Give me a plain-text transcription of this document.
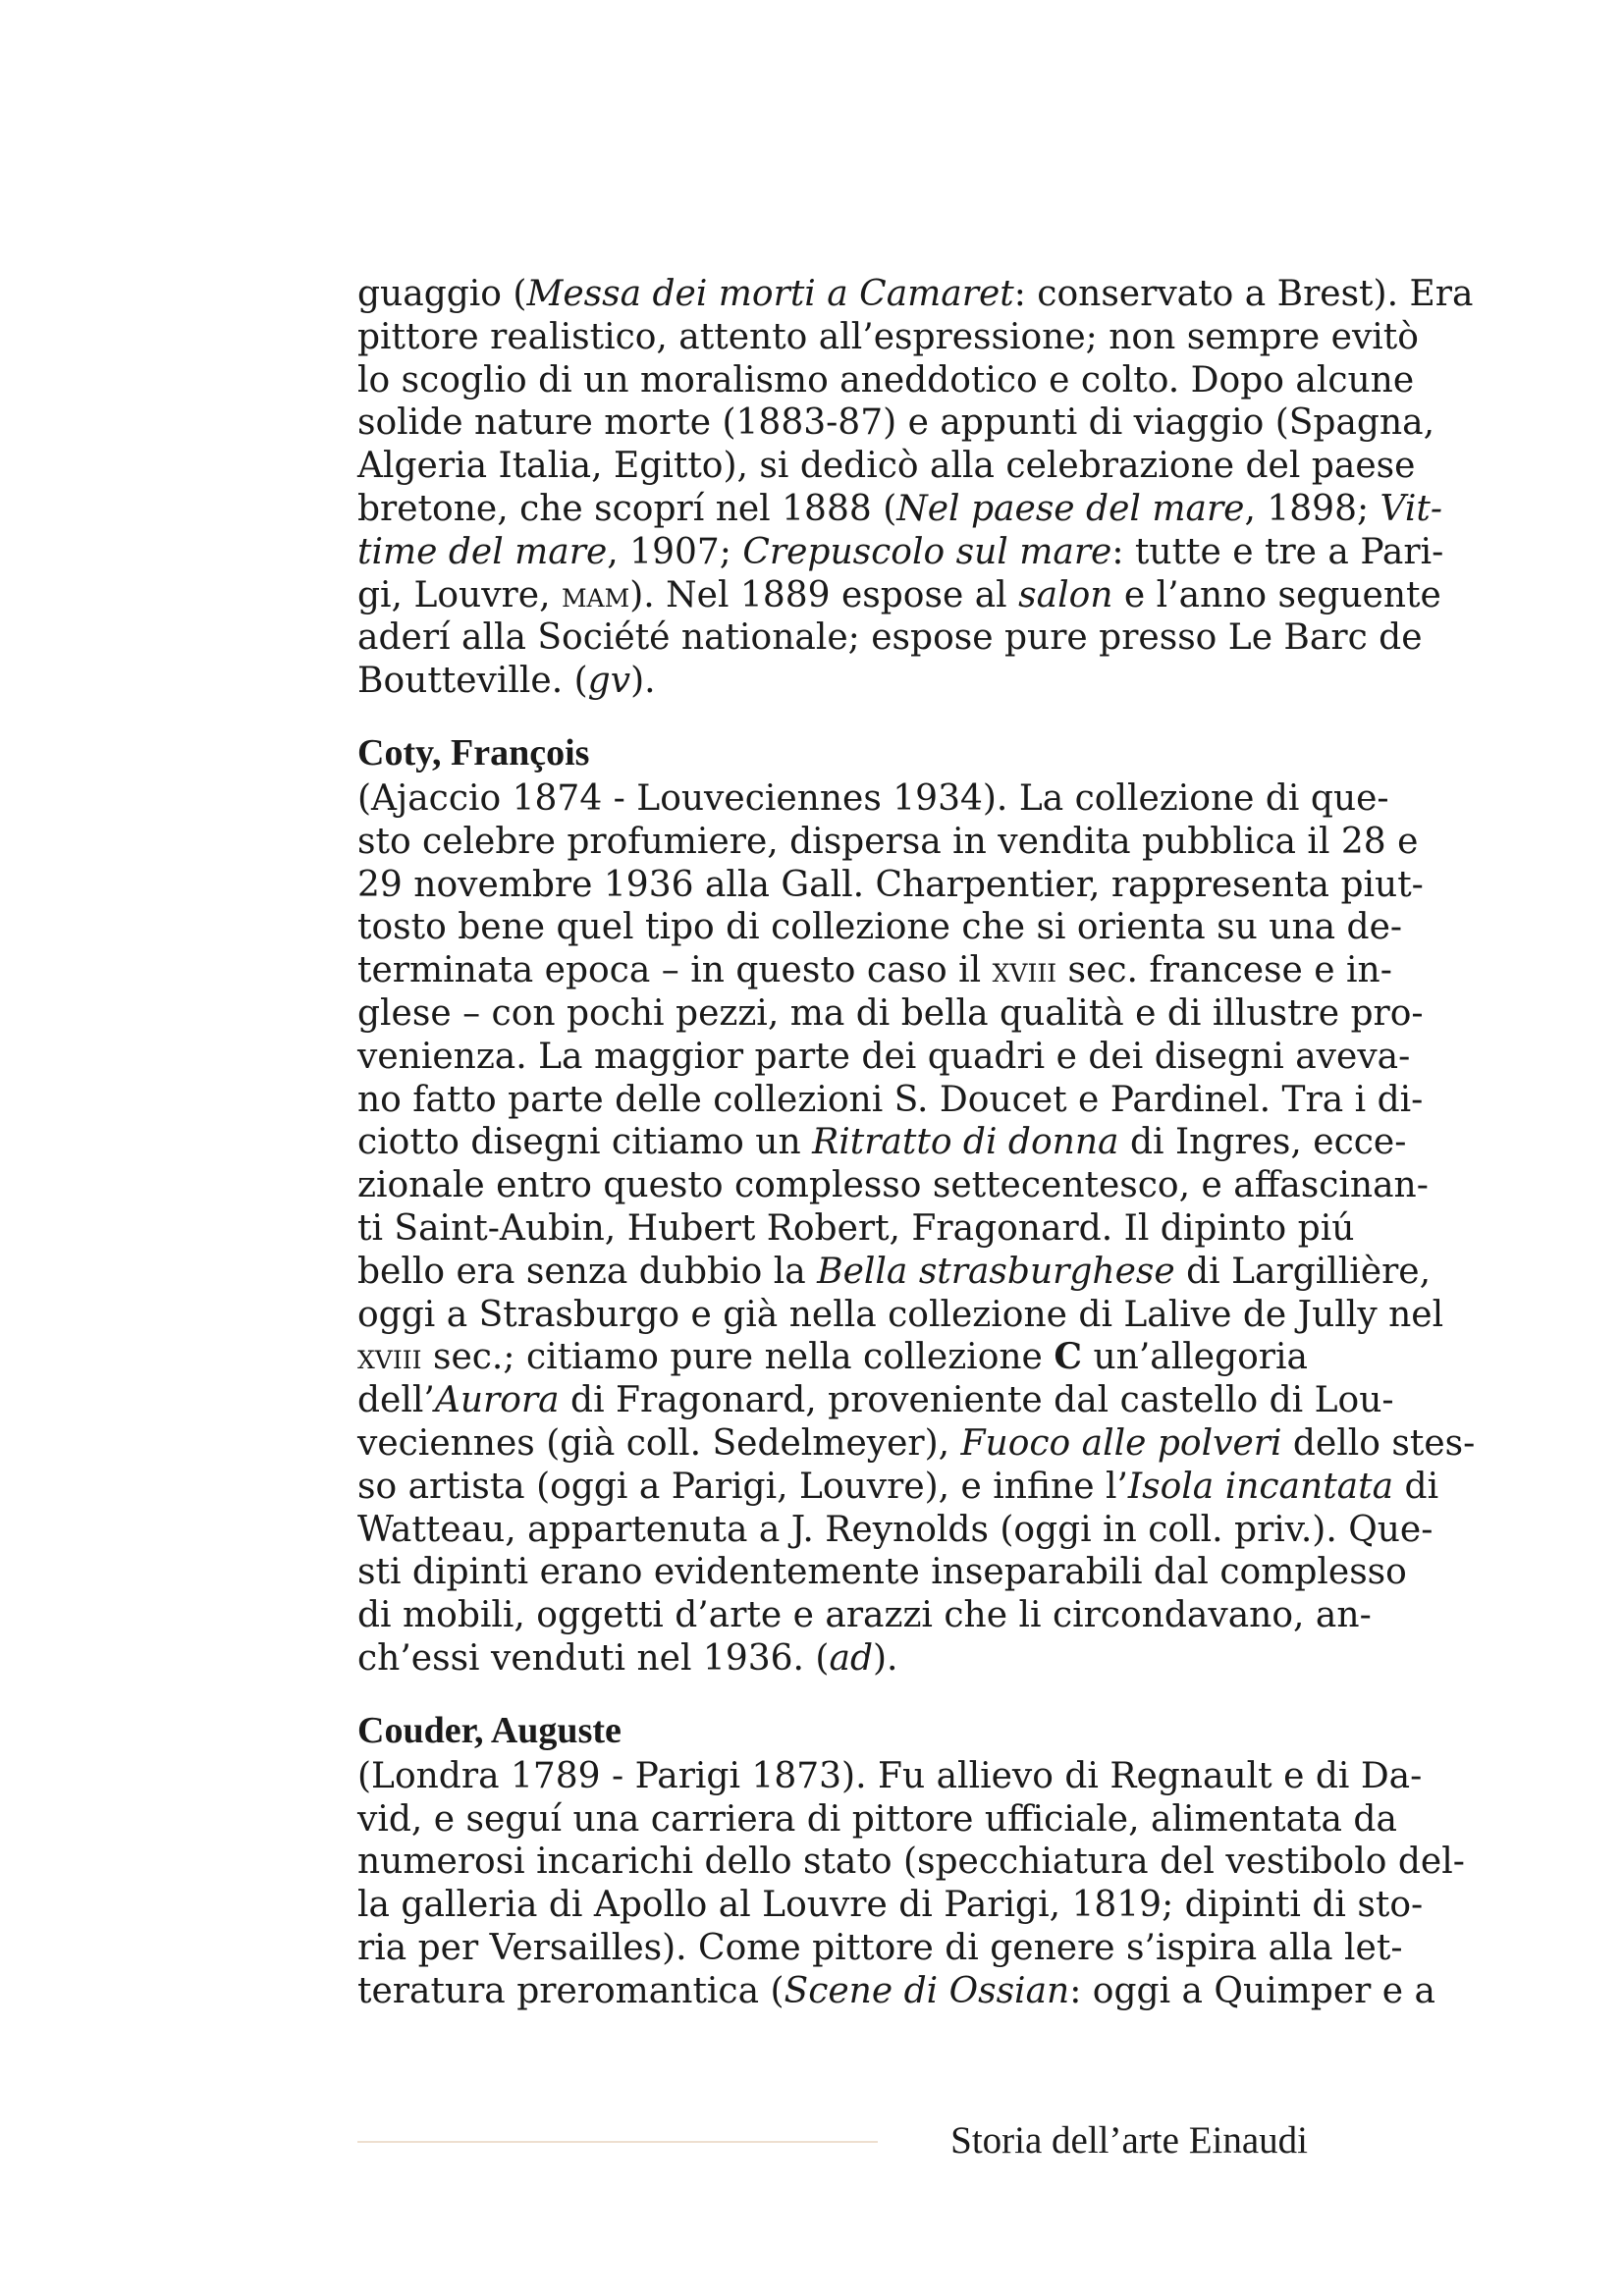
guaggio (Messa dei morti a Camaret: conservato a Brest). Era
pittore realistico, attento all’espressione; non sempre evitò
lo scoglio di un moralismo aneddotico e colto. Dopo alcune
solide nature morte (1883-87) e appunti di viaggio (Spagna,
Algeria Italia, Egitto), si dedicò alla celebrazione del paese
bretone, che scoprí nel 1888 (Nel paese del mare, 1898; Vit-
time del mare, 1907; Crepuscolo sul mare: tutte e tre a Pari-
gi, Louvre, mam). Nel 1889 espose al salon e l’anno seguente
aderí alla Société nationale; espose pure presso Le Barc de
Boutteville. (gv).
Coty, François
(Ajaccio 1874 - Louveciennes 1934). La collezione di que-
sto celebre profumiere, dispersa in vendita pubblica il 28 e
29 novembre 1936 alla Gall. Charpentier, rappresenta piut-
tosto bene quel tipo di collezione che si orienta su una de-
terminata epoca – in questo caso il xviii sec. francese e in-
glese – con pochi pezzi, ma di bella qualità e di illustre pro-
venienza. La maggior parte dei quadri e dei disegni aveva-
no fatto parte delle collezioni S. Doucet e Pardinel. Tra i di-
ciotto disegni citiamo un Ritratto di donna di Ingres, ecce-
zionale entro questo complesso settecentesco, e affascinan-
ti Saint-Aubin, Hubert Robert, Fragonard. Il dipinto piú
bello era senza dubbio la Bella strasburghese di Largillière,
oggi a Strasburgo e già nella collezione di Lalive de Jully nel
xviii sec.; citiamo pure nella collezione C un’allegoria
dell’Aurora di Fragonard, proveniente dal castello di Lou-
veciennes (già coll. Sedelmeyer), Fuoco alle polveri dello stes-
so artista (oggi a Parigi, Louvre), e infine l’Isola incantata di
Watteau, appartenuta a J. Reynolds (oggi in coll. priv.). Que-
sti dipinti erano evidentemente inseparabili dal complesso
di mobili, oggetti d’arte e arazzi che li circondavano, an-
ch’essi venduti nel 1936. (ad).
Couder, Auguste
(Londra 1789 - Parigi 1873). Fu allievo di Regnault e di Da-
vid, e seguí una carriera di pittore ufficiale, alimentata da
numerosi incarichi dello stato (specchiatura del vestibolo del-
la galleria di Apollo al Louvre di Parigi, 1819; dipinti di sto-
ria per Versailles). Come pittore di genere s’ispira alla let-
teratura preromantica (Scene di Ossian: oggi a Quimper e a
Storia dell’arte Einaudi
